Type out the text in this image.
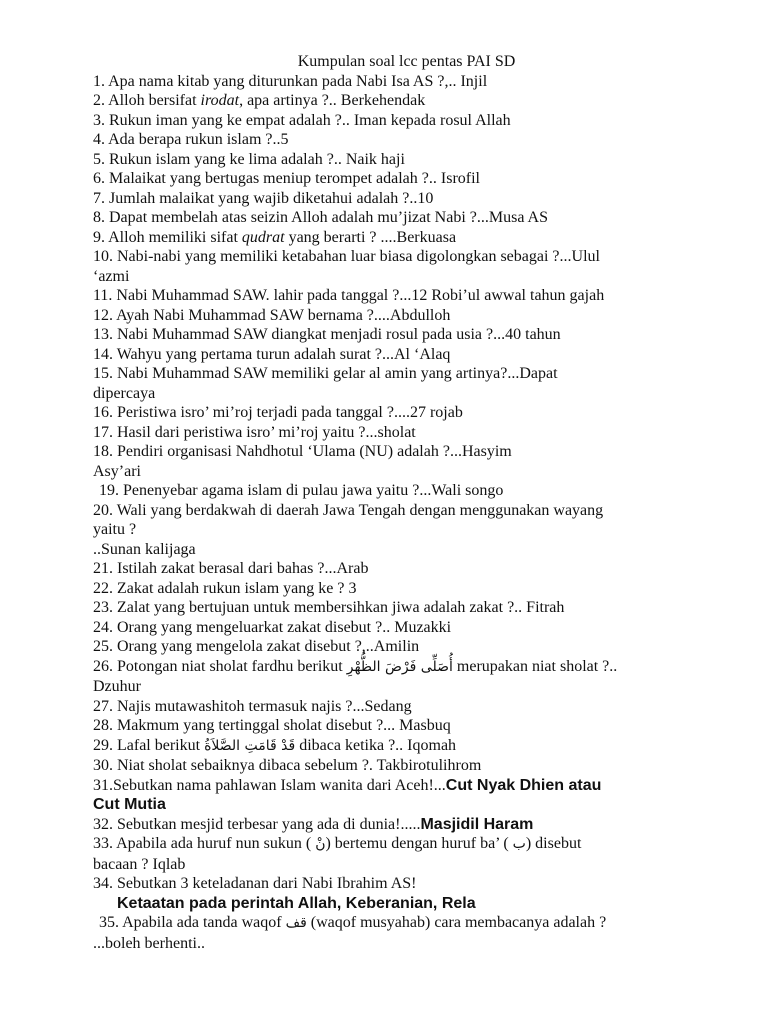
Kumpulan soal lcc pentas PAI SD
1. Apa nama kitab yang diturunkan pada Nabi Isa AS ?,.. Injil
2. Alloh bersifat irodat, apa artinya ?.. Berkehendak
3. Rukun iman yang ke empat adalah ?.. Iman kepada rosul Allah
4. Ada berapa rukun islam ?..5
5. Rukun islam yang ke lima adalah ?.. Naik haji
6. Malaikat yang bertugas meniup terompet adalah ?.. Isrofil
7. Jumlah malaikat yang wajib diketahui adalah ?..10
8. Dapat membelah atas seizin Alloh adalah mu’jizat Nabi ?...Musa AS
9. Alloh memiliki sifat qudrat yang berarti ? ....Berkuasa
10. Nabi-nabi yang memiliki ketabahan luar biasa digolongkan sebagai ?...Ulul
‘azmi
11. Nabi Muhammad SAW. lahir pada tanggal ?...12 Robi’ul awwal tahun gajah
12. Ayah Nabi Muhammad SAW bernama ?....Abdulloh
13. Nabi Muhammad SAW diangkat menjadi rosul pada usia ?...40 tahun
14. Wahyu yang pertama turun adalah surat ?...Al ‘Alaq
15. Nabi Muhammad SAW memiliki gelar al amin yang artinya?...Dapat
dipercaya
16. Peristiwa isro’ mi’roj terjadi pada tanggal ?....27 rojab
17. Hasil dari peristiwa isro’ mi’roj yaitu ?...sholat
18. Pendiri organisasi Nahdhotul ‘Ulama (NU) adalah ?...Hasyim
Asy’ari
19. Penenyebar agama islam di pulau jawa yaitu ?...Wali songo
20. Wali yang berdakwah di daerah Jawa Tengah dengan menggunakan wayang
yaitu ?
..Sunan kalijaga
21. Istilah zakat berasal dari bahas ?...Arab
22. Zakat adalah rukun islam yang ke ? 3
23. Zalat yang bertujuan untuk membersihkan jiwa adalah zakat ?.. Fitrah
24. Orang yang mengeluarkat zakat disebut ?.. Muzakki
25. Orang yang mengelola zakat disebut ?,..Amilin
26. Potongan niat sholat fardhu berikut أُصَلِّى فَرْضَ الظُّهْرِ merupakan niat sholat ?..
Dzuhur
27. Najis mutawashitoh termasuk najis ?...Sedang
28. Makmum yang tertinggal sholat disebut ?... Masbuq
29. Lafal berikut قَدْ قَامَتِ الصَّلاَةُ dibaca ketika ?.. Iqomah
30. Niat sholat sebaiknya dibaca sebelum ?. Takbirotulihrom
31.Sebutkan nama pahlawan Islam wanita dari Aceh!...Cut Nyak Dhien atau
Cut Mutia
32. Sebutkan mesjid terbesar yang ada di dunia!.....Masjidil Haram
33. Apabila ada huruf nun sukun ( نْ) bertemu dengan huruf ba’ ( ب) disebut
bacaan ? Iqlab
34. Sebutkan 3 keteladanan dari Nabi Ibrahim AS!
Ketaatan pada perintah Allah, Keberanian, Rela
35. Apabila ada tanda waqof قف (waqof musyahab) cara membacanya adalah ?
...boleh berhenti..
